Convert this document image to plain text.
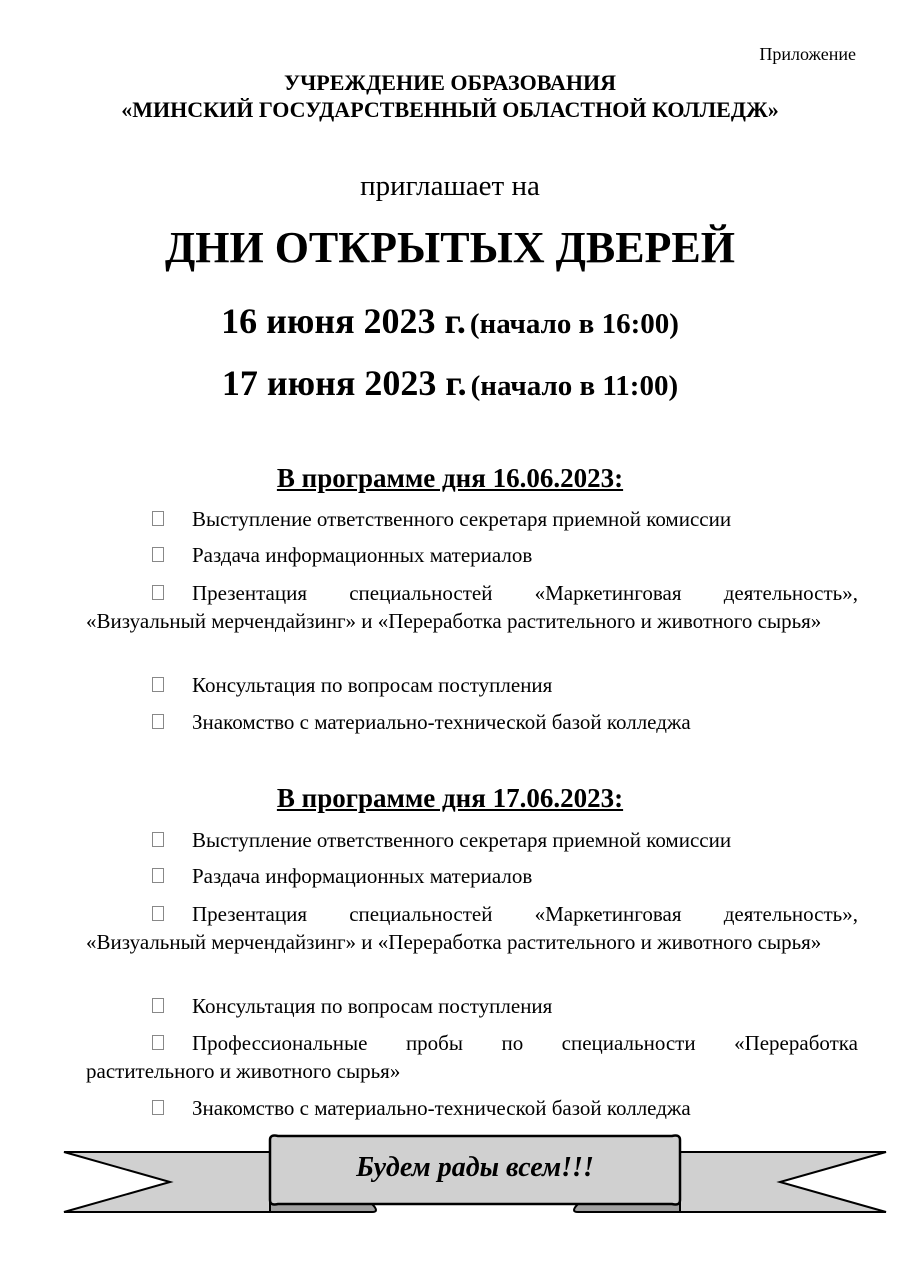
Приложение
УЧРЕЖДЕНИЕ ОБРАЗОВАНИЯ
«МИНСКИЙ ГОСУДАРСТВЕННЫЙ ОБЛАСТНОЙ КОЛЛЕДЖ»
приглашает на
ДНИ ОТКРЫТЫХ ДВЕРЕЙ
16 июня 2023 г. (начало в 16:00)
17 июня 2023 г. (начало в 11:00)
В программе дня 16.06.2023:
Выступление ответственного секретаря приемной комиссии
Раздача информационных материалов
Презентация специальностей «Маркетинговая деятельность», «Визуальный мерчендайзинг» и «Переработка растительного и животного сырья»
Консультация по вопросам поступления
Знакомство с материально-технической базой колледжа
В программе дня 17.06.2023:
Выступление ответственного секретаря приемной комиссии
Раздача информационных материалов
Презентация специальностей «Маркетинговая деятельность», «Визуальный мерчендайзинг» и «Переработка растительного и животного сырья»
Консультация по вопросам поступления
Профессиональные пробы по специальности «Переработка растительного и животного сырья»
Знакомство с материально-технической базой колледжа
Будем рады всем!!!
